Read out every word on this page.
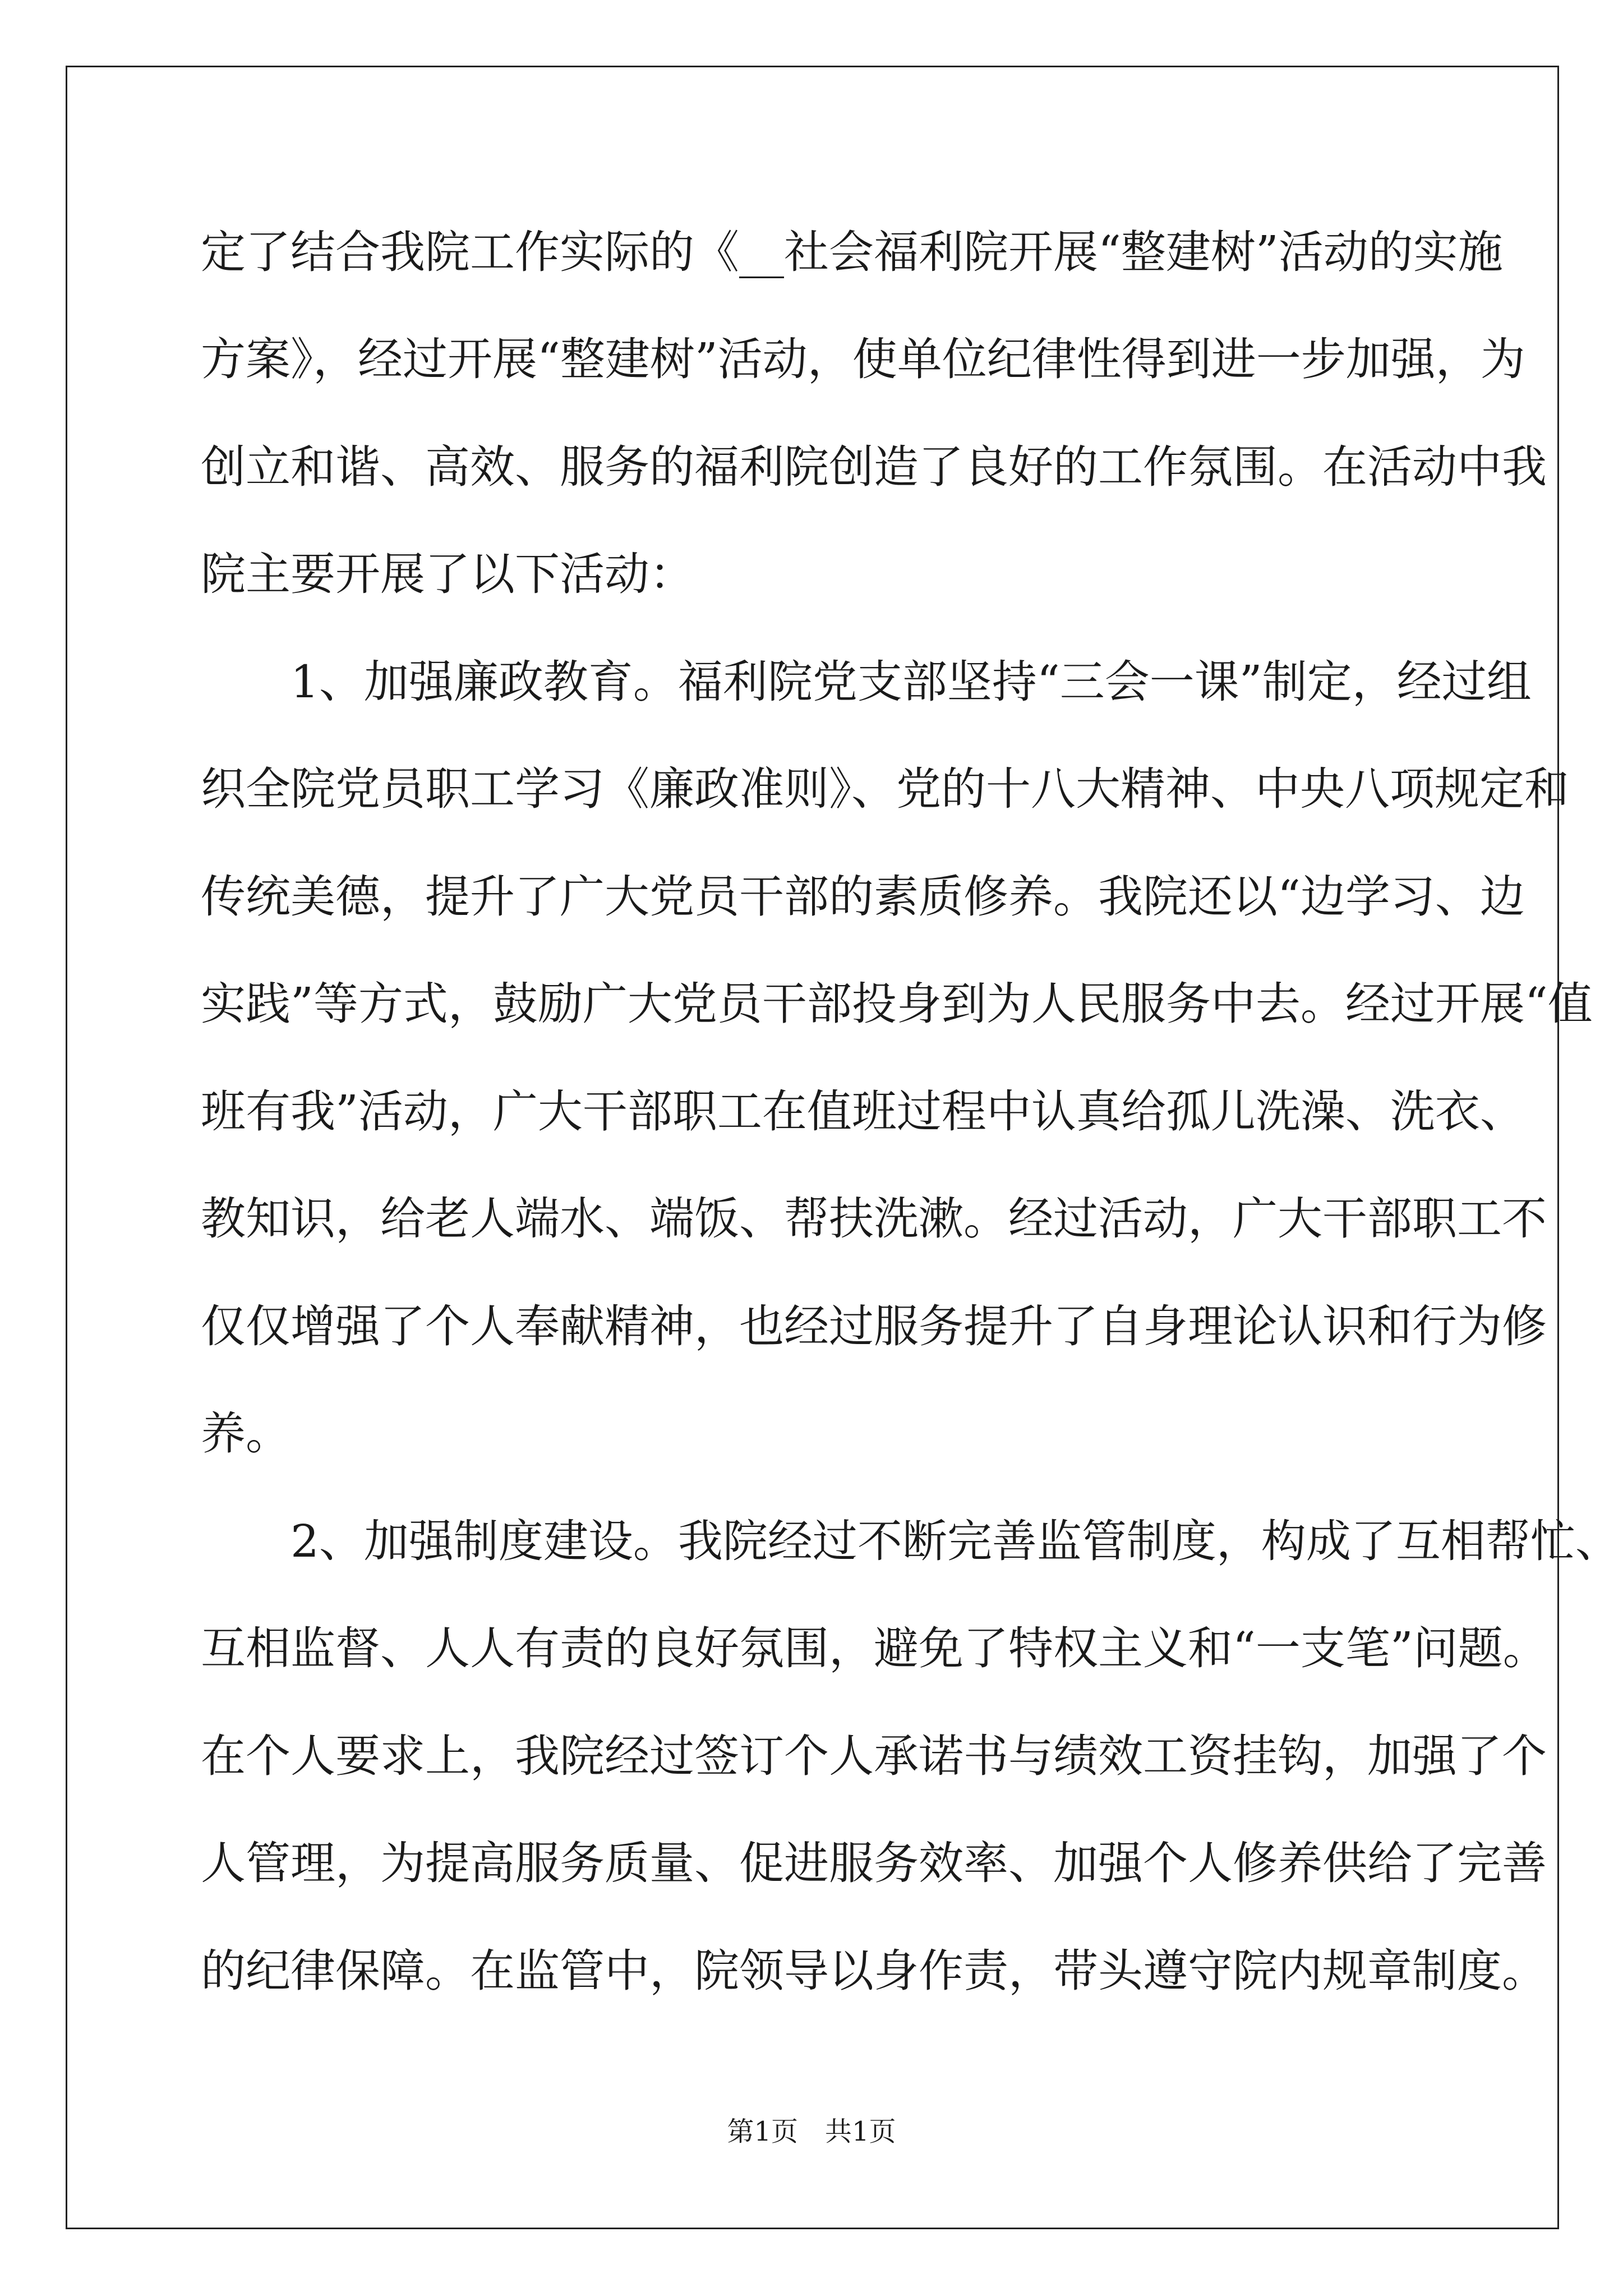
定了结合我院工作实际的《__社会福利院开展“整建树”活动的实施
方案》，经过开展“整建树”活动，使单位纪律性得到进一步加强，为
创立和谐、高效、服务的福利院创造了良好的工作氛围。在活动中我
院主要开展了以下活动：
　　1、加强廉政教育。福利院党支部坚持“三会一课”制定，经过组
织全院党员职工学习《廉政准则》、党的十八大精神、中央八项规定和
传统美德，提升了广大党员干部的素质修养。我院还以“边学习、边
实践”等方式，鼓励广大党员干部投身到为人民服务中去。经过开展“值
班有我”活动，广大干部职工在值班过程中认真给孤儿洗澡、洗衣、
教知识，给老人端水、端饭、帮扶洗漱。经过活动，广大干部职工不
仅仅增强了个人奉献精神，也经过服务提升了自身理论认识和行为修
养。
　　2、加强制度建设。我院经过不断完善监管制度，构成了互相帮忙、
互相监督、人人有责的良好氛围，避免了特权主义和“一支笔”问题。
在个人要求上，我院经过签订个人承诺书与绩效工资挂钩，加强了个
人管理，为提高服务质量、促进服务效率、加强个人修养供给了完善
的纪律保障。在监管中，院领导以身作责，带头遵守院内规章制度。
第1页　共1页
